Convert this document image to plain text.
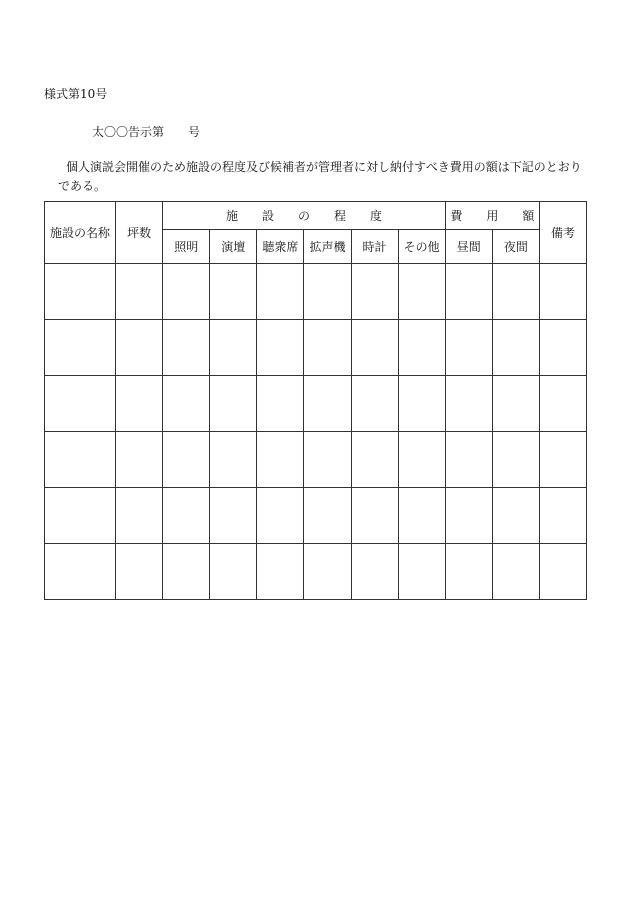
様式第10号
太〇〇告示第　　号
個人演説会開催のため施設の程度及び候補者が管理者に対し納付すべき費用の額は下記のとおり
である。
施設の名称	坪数	施　　設　　の　　程　　度						費　　用　　額		備考
		照明	演壇	聴衆席	拡声機	時計	その他	昼間	夜間	
